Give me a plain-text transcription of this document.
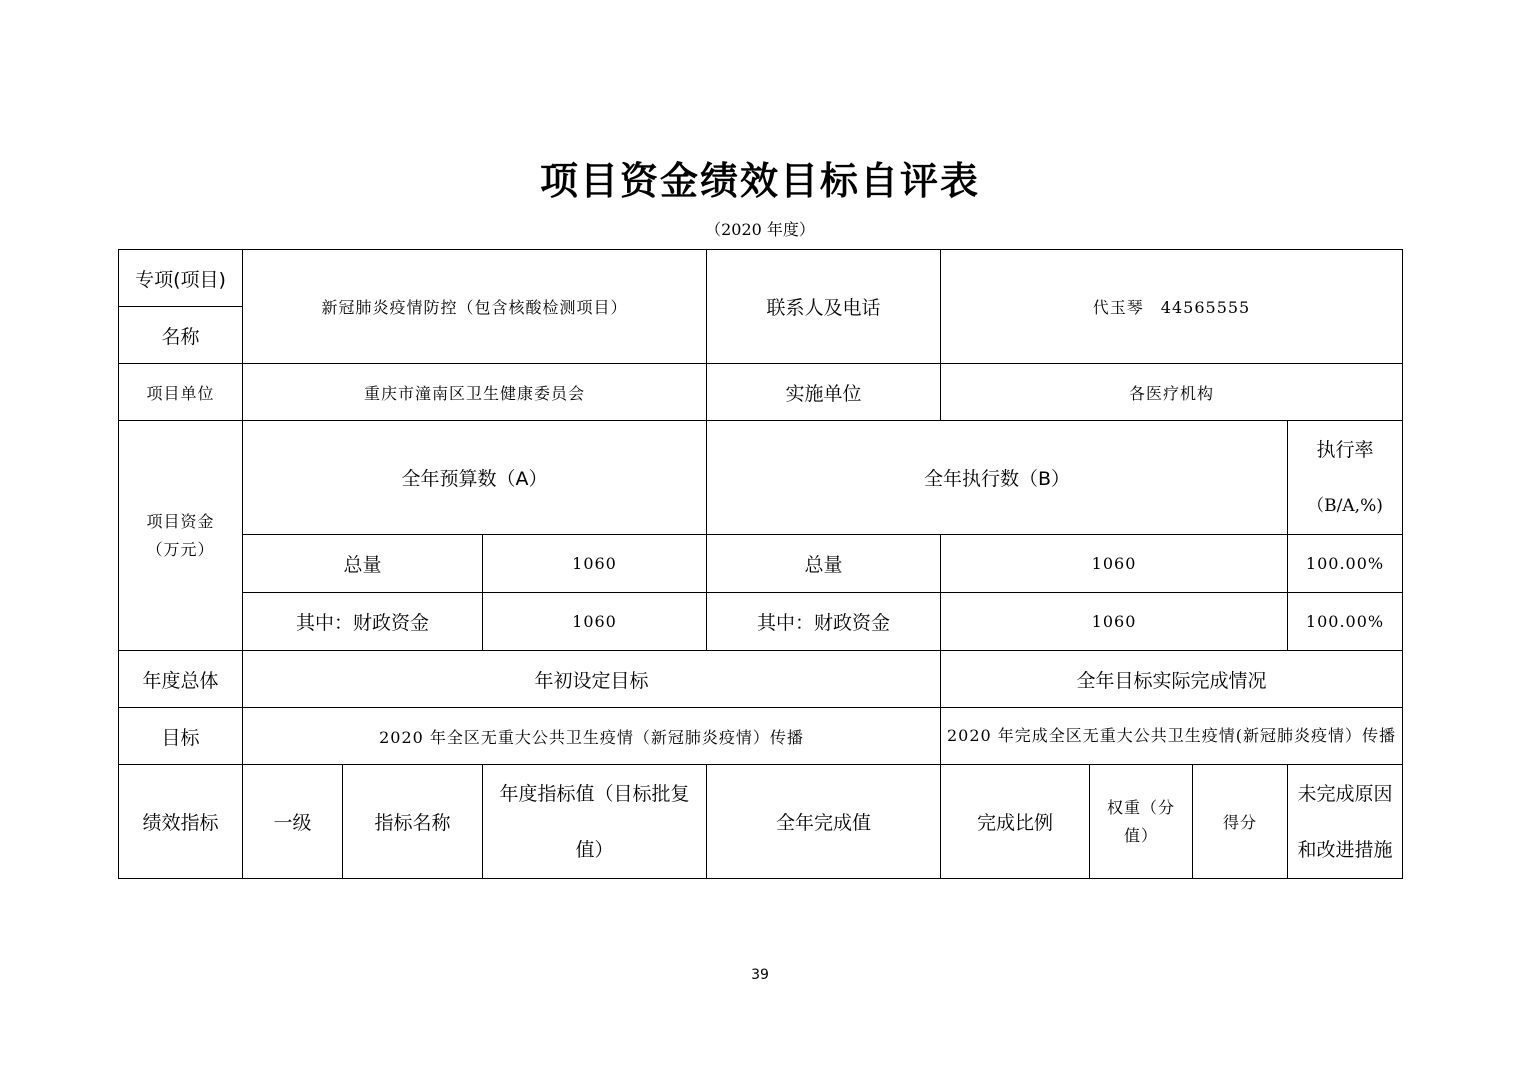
项目资金绩效目标自评表
（2020 年度）
专项(项目)	新冠肺炎疫情防控（包含核酸检测项目）			联系人及电话	代玉琴　44565555			
名称								
项目单位	重庆市潼南区卫生健康委员会			实施单位	各医疗机构			

项目资金（万元）	全年预算数（A）			全年执行数（B）				执行率
（B/A,%)

	总量		1060	总量	1060			100.00%
	其中：财政资金		1060	其中：财政资金	1060			100.00%
年度总体	年初设定目标				全年目标实际完成情况			
目标	2020 年全区无重大公共卫生疫情（新冠肺炎疫情）传播				2020 年完成全区无重大公共卫生疫情(新冠肺炎疫情）传播			
绩效指标	一级	指标名称	年度指标值（目标批复值）	全年完成值	完成比例	权重（分值）	得分	未完成原因和改进措施
39
